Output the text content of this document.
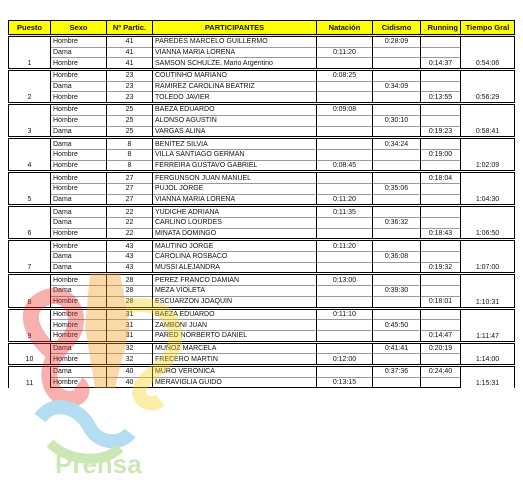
Puesto	Sexo	Nº Partic.	PARTICIPANTES	Natación	Cidismo	Running	Tiempo Gral
1	Hombre	41	PAREDES MARCELO GUILLERMO		0:28:09		0:54:06
	Dama	41	VIANNA MARIA LORENA	0:11:20			
	Hombre	41	SAMSON SCHULZE, Mario Argentino			0:14:37	
2	Hombre	23	COUTINHO MARIANO	0:08:25			0:56:29
	Dama	23	RAMIREZ CAROLINA BEATRIZ		0:34:09		
	Hombre	23	TOLEDO JAVIER			0:13:55	
3	Hombre	25	BAEZA EDUARDO	0:09:08			0:58:41
	Hombre	25	ALONSO AGUSTIN		0:30:10		
	Dama	25	VARGAS ALINA			0:19:23	
4	Dama	8	BENITEZ SILVIA		0:34:24		1:02:09
	Hombre	8	VILLA SANTIAGO GERMAN			0:19:00	
	Hombre	8	FERREIRA GUSTAVO GABRIEL	0:08:45			
5	Hombre	27	FERGUNSON JUAN MANUEL			0:18:04	1:04:30
	Hombre	27	PUJOL JORGE		0:35:06		
	Dama	27	VIANNA MARIA LORENA	0:11:20			
6	Dama	22	YUDICHE ADRIANA	0:11:35			1:06:50
	Dama	22	CARLINO LOURDES		0:36:32		
	Hombre	22	MINATA DOMINGO			0:18:43	
7	Hombre	43	MAUTINO JORGE	0:11:20			1:07:00
	Dama	43	CAROLINA ROSBACO		0:36:08		
	Dama	43	MUSSI ALEJANDRA			0:19:32	
8	Hombre	28	PEREZ FRANCO DAMIAN	0:13:00			1:10:31
	Dama	28	MEZA VIOLETA		0:39:30		
	Hombre	28	ESCUARZON JOAQUIN			0:18:01	
9	Hombre	31	BAEZA EDUARDO	0:11:10			1:11:47
	Hombre	31	ZAMBONI JUAN		0:45:50		
	Hombre	31	PARED NORBERTO DANIEL			0:14:47	
10	Dama	32	MUÑOZ MARCELA		0:41:41	0:20:19	1:14:00
	Hombre	32	FRECERO MARTIN	0:12:00			
11	Dama	40	MURO VERONICA		0:37:36	0:24:40	1:15:31
	Hombre	40	MERAVIGLIA GUIDO	0:13:15			
Prensa
